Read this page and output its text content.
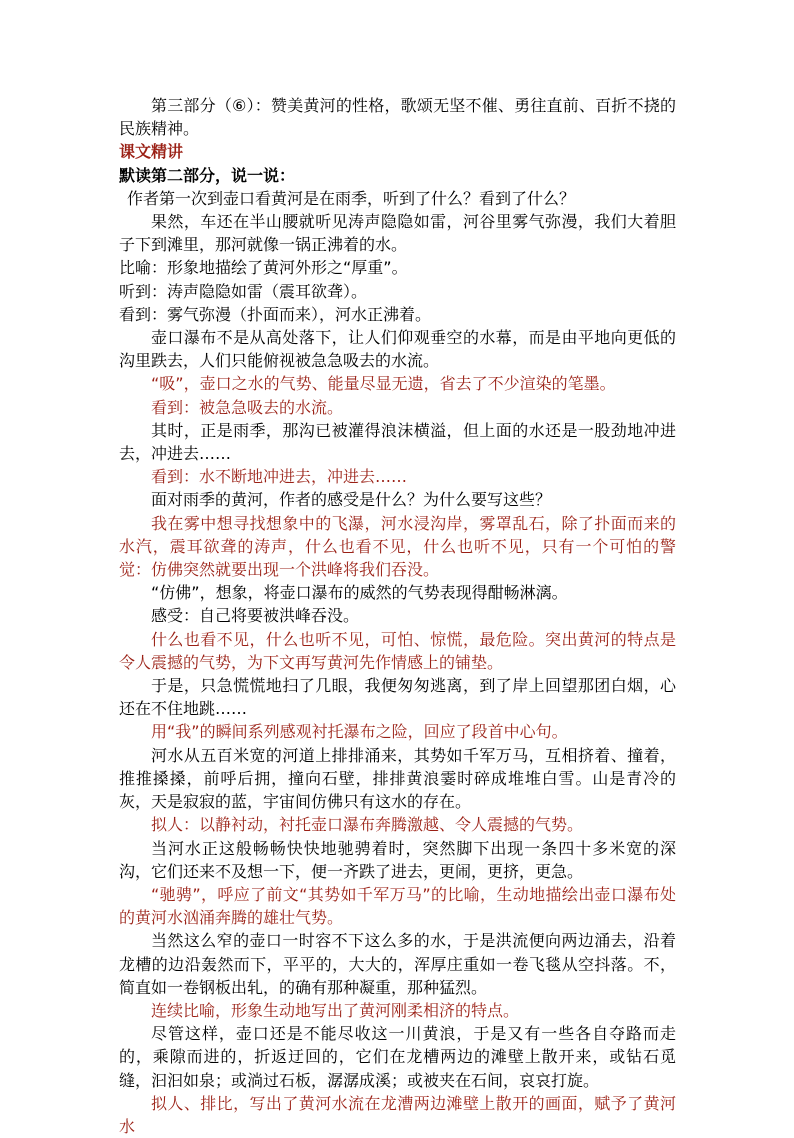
第三部分（⑥）：赞美黄河的性格，歌颂无坚不催、勇往直前、百折不挠的民族精神。

课文精讲

默读第二部分，说一说：

作者第一次到壶口看黄河是在雨季，听到了什么？看到了什么？

果然，车还在半山腰就听见涛声隐隐如雷，河谷里雾气弥漫，我们大着胆子下到滩里，那河就像一锅正沸着的水。

比喻：形象地描绘了黄河外形之“厚重”。

听到：涛声隐隐如雷（震耳欲聋）。

看到：雾气弥漫（扑面而来），河水正沸着。

壶口瀑布不是从高处落下，让人们仰观垂空的水幕，而是由平地向更低的沟里跌去，人们只能俯视被急急吸去的水流。

“吸”，壶口之水的气势、能量尽显无遗，省去了不少渲染的笔墨。

看到：被急急吸去的水流。

其时，正是雨季，那沟已被灌得浪沫横溢，但上面的水还是一股劲地冲进去，冲进去……

看到：水不断地冲进去，冲进去……

面对雨季的黄河，作者的感受是什么？为什么要写这些？

我在雾中想寻找想象中的飞瀑，河水浸沟岸，雾罩乱石，除了扑面而来的水汽，震耳欲聋的涛声，什么也看不见，什么也听不见，只有一个可怕的警觉：仿佛突然就要出现一个洪峰将我们吞没。

“仿佛”，想象，将壶口瀑布的威然的气势表现得酣畅淋漓。

感受：自己将要被洪峰吞没。

什么也看不见，什么也听不见，可怕、惊慌，最危险。突出黄河的特点是令人震撼的气势，为下文再写黄河先作情感上的铺垫。

于是，只急慌慌地扫了几眼，我便匆匆逃离，到了岸上回望那团白烟，心还在不住地跳……

用“我”的瞬间系列感观衬托瀑布之险，回应了段首中心句。

河水从五百米宽的河道上排排涌来，其势如千军万马，互相挤着、撞着，推推搡搡，前呼后拥，撞向石壁，排排黄浪霎时碎成堆堆白雪。山是青冷的灰，天是寂寂的蓝，宇宙间仿佛只有这水的存在。

拟人：以静衬动，衬托壶口瀑布奔腾激越、令人震撼的气势。

当河水正这般畅畅快快地驰骋着时，突然脚下出现一条四十多米宽的深沟，它们还来不及想一下，便一齐跌了进去，更闹，更挤，更急。

“驰骋”，呼应了前文“其势如千军万马”的比喻，生动地描绘出壶口瀑布处的黄河水汹涌奔腾的雄壮气势。

当然这么窄的壶口一时容不下这么多的水，于是洪流便向两边涌去，沿着龙槽的边沿轰然而下，平平的，大大的，浑厚庄重如一卷飞毯从空抖落。不，简直如一卷钢板出轧，的确有那种凝重，那种猛烈。

连续比喻，形象生动地写出了黄河刚柔相济的特点。

尽管这样，壶口还是不能尽收这一川黄浪，于是又有一些各自夺路而走的，乘隙而进的，折返迂回的，它们在龙槽两边的滩壁上散开来，或钻石觅缝，汩汩如泉；或淌过石板，潺潺成溪；或被夹在石间，哀哀打旋。

拟人、排比，写出了黄河水流在龙漕两边滩壁上散开的画面，赋予了黄河水
